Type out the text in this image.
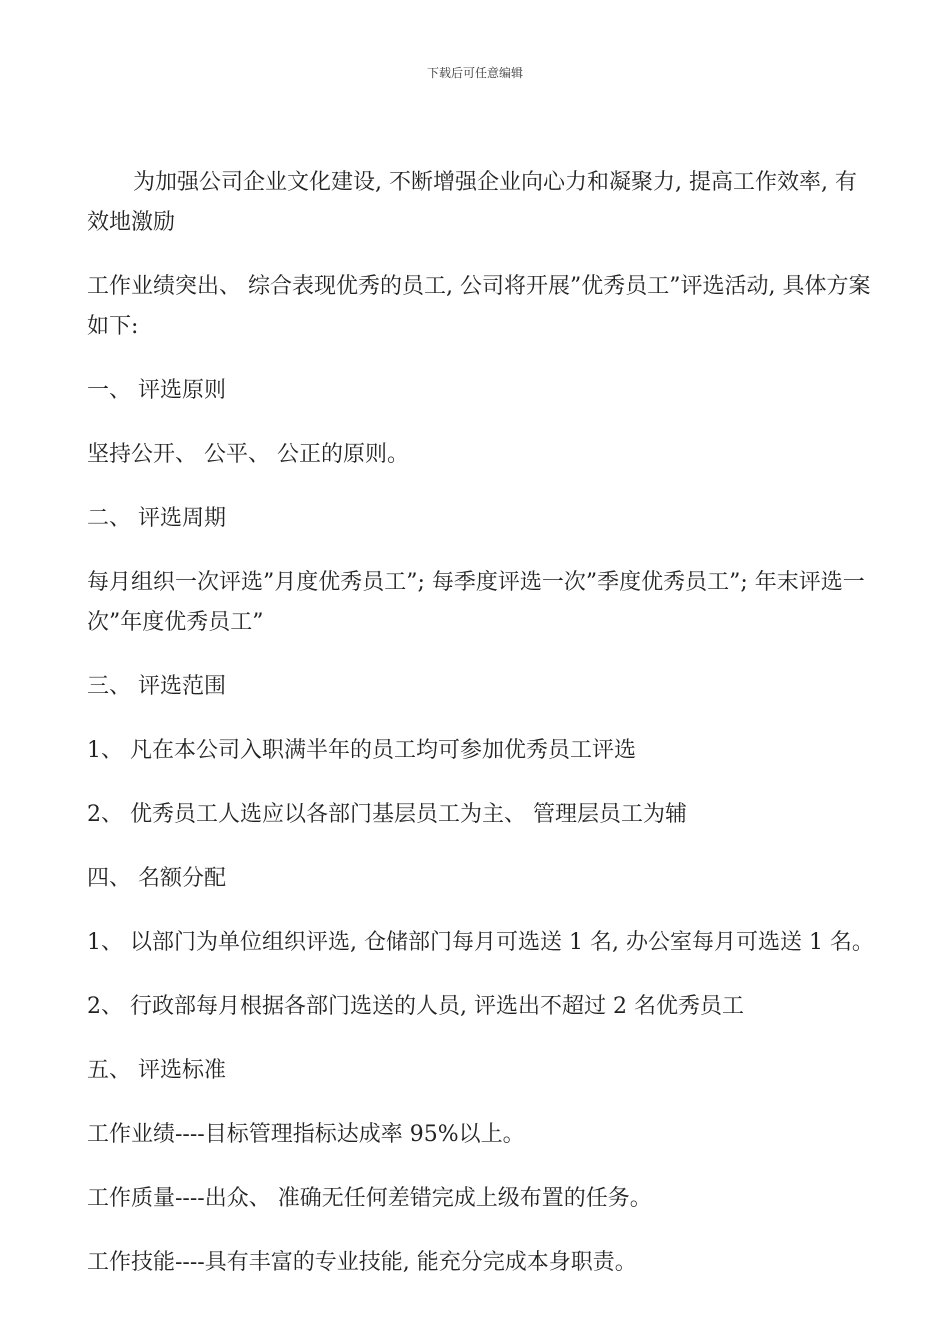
下载后可任意编辑

为加强公司企业文化建设, 不断增强企业向心力和凝聚力, 提高工作效率, 有效地激励

工作业绩突出、 综合表现优秀的员工, 公司将开展”优秀员工”评选活动, 具体方案如下:

一、 评选原则

坚持公开、 公平、 公正的原则。

二、 评选周期

每月组织一次评选”月度优秀员工”; 每季度评选一次”季度优秀员工”; 年末评选一次”年度优秀员工”

三、 评选范围

1、 凡在本公司入职满半年的员工均可参加优秀员工评选

2、 优秀员工人选应以各部门基层员工为主、 管理层员工为辅

四、 名额分配

1、 以部门为单位组织评选, 仓储部门每月可选送 1 名, 办公室每月可选送 1 名。

2、 行政部每月根据各部门选送的人员, 评选出不超过 2 名优秀员工

五、 评选标准

工作业绩----目标管理指标达成率 95%以上。

工作质量----出众、 准确无任何差错完成上级布置的任务。

工作技能----具有丰富的专业技能, 能充分完成本身职责。
